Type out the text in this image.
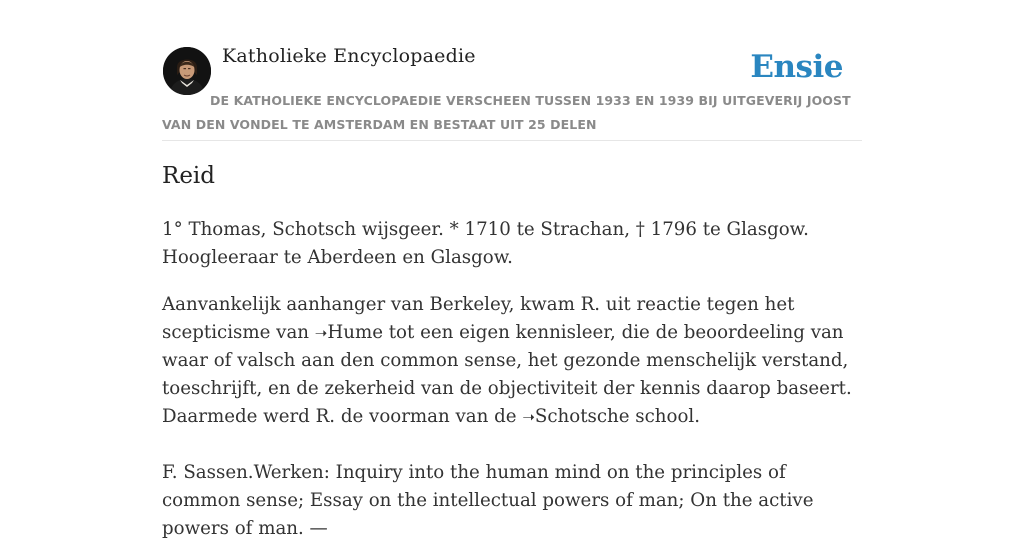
Katholieke Encyclopaedie	Ensie
DE KATHOLIEKE ENCYCLOPAEDIE VERSCHEEN TUSSEN 1933 EN 1939 BIJ UITGEVERIJ JOOST VAN DEN VONDEL TE AMSTERDAM EN BESTAAT UIT 25 DELEN
Reid

1° Thomas, Schotsch wijsgeer. * 1710 te Strachan, † 1796 te Glasgow. Hoogleeraar te Aberdeen en Glasgow.

Aanvankelijk aanhanger van Berkeley, kwam R. uit reactie tegen het scepticisme van ➝Hume tot een eigen kennisleer, die de beoordeeling van waar of valsch aan den common sense, het gezonde menschelijk verstand, toeschrijft, en de zekerheid van de objectiviteit der kennis daarop baseert. Daarmede werd R. de voorman van de ➝Schotsche school.

F. Sassen.Werken: Inquiry into the human mind on the principles of common sense; Essay on the intellectual powers of man; On the active powers of man. —
